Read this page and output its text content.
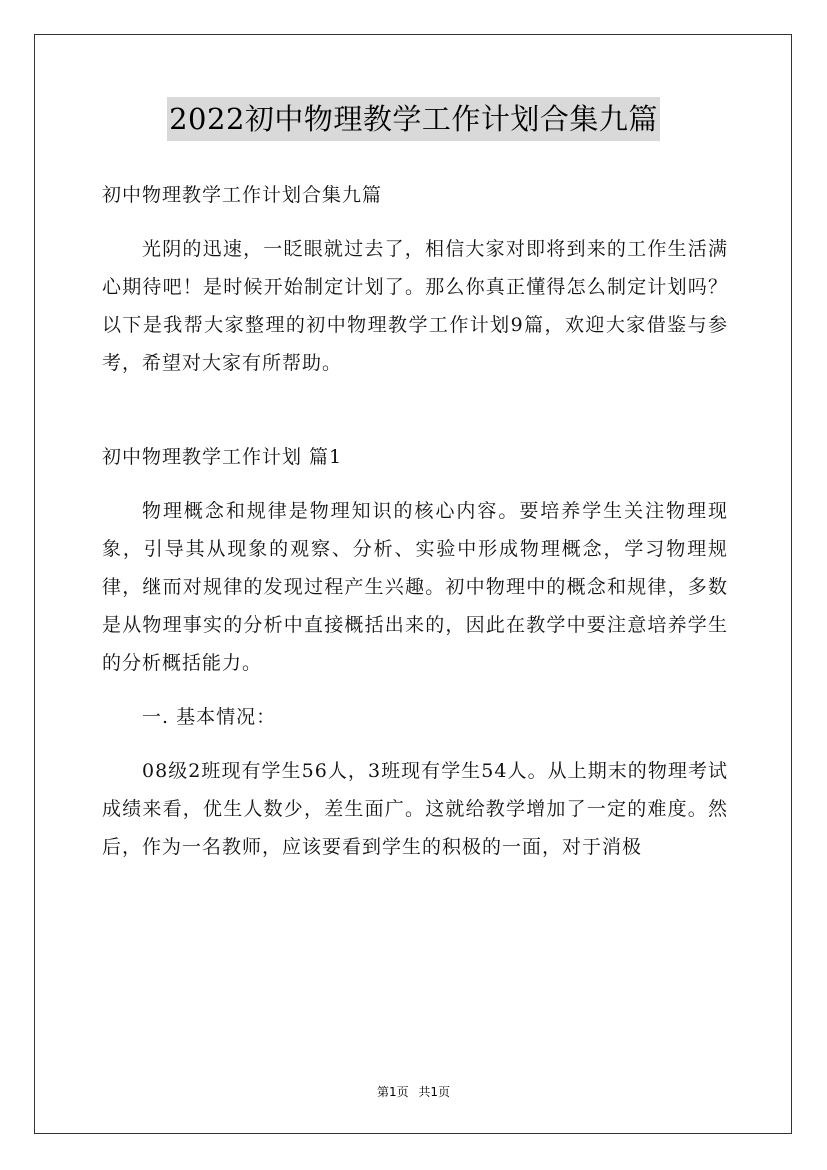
2022初中物理教学工作计划合集九篇

初中物理教学工作计划合集九篇

光阴的迅速，一眨眼就过去了，相信大家对即将到来的工作生活满心期待吧！是时候开始制定计划了。那么你真正懂得怎么制定计划吗？以下是我帮大家整理的初中物理教学工作计划9篇，欢迎大家借鉴与参考，希望对大家有所帮助。

初中物理教学工作计划 篇1

物理概念和规律是物理知识的核心内容。要培养学生关注物理现象，引导其从现象的观察、分析、实验中形成物理概念，学习物理规律，继而对规律的发现过程产生兴趣。初中物理中的概念和规律，多数是从物理事实的分析中直接概括出来的，因此在教学中要注意培养学生的分析概括能力。

一. 基本情况：

08级2班现有学生56人，3班现有学生54人。从上期末的物理考试成绩来看，优生人数少，差生面广。这就给教学增加了一定的难度。然后，作为一名教师，应该要看到学生的积极的一面，对于消极

第1页 共1页
